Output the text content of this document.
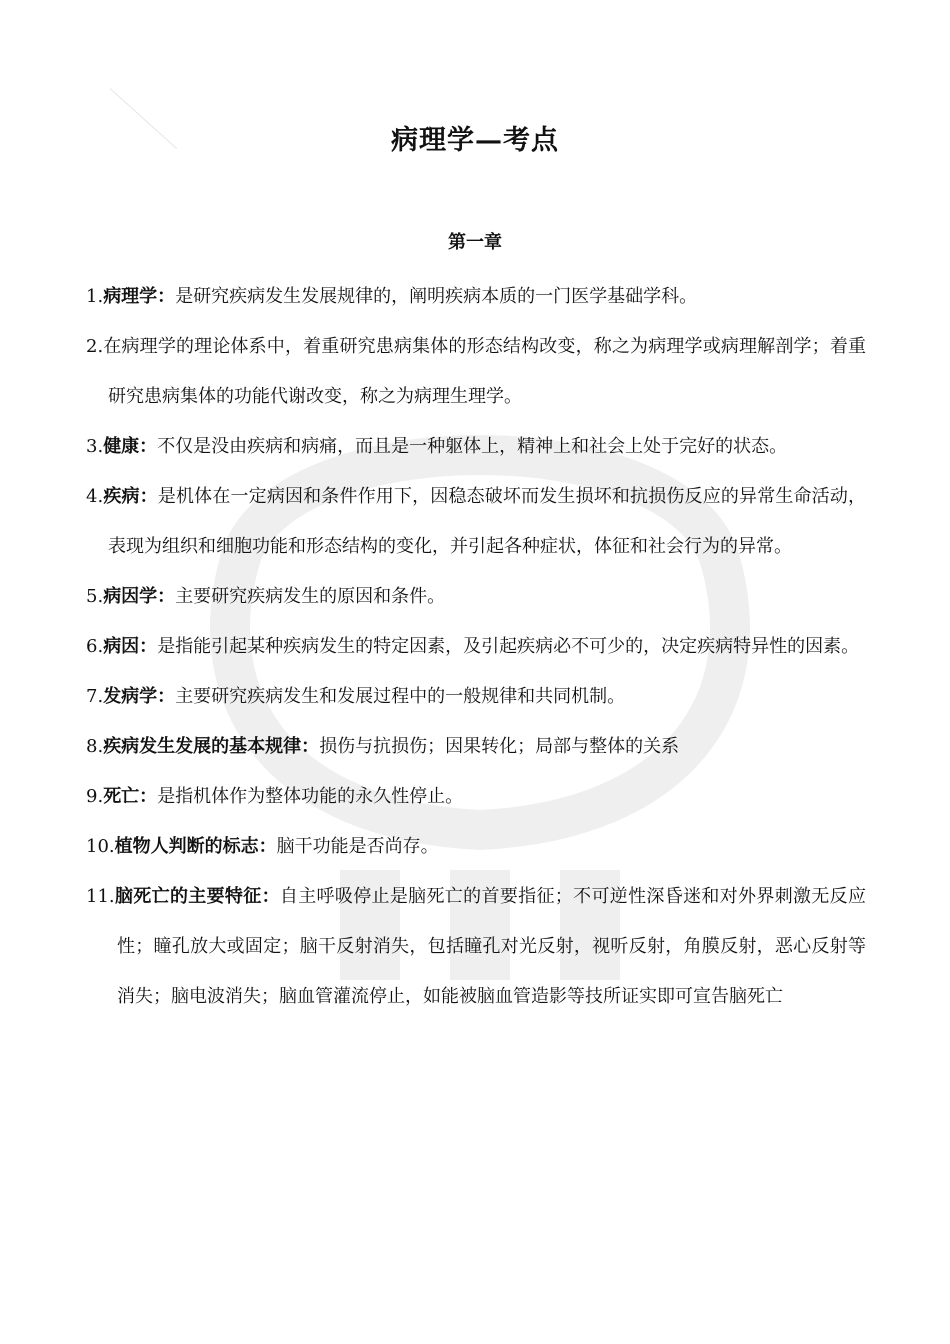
病理学—考点
第一章

1.病理学：是研究疾病发生发展规律的，阐明疾病本质的一门医学基础学科。

2.在病理学的理论体系中，着重研究患病集体的形态结构改变，称之为病理学或病理解剖学；着重研究患病集体的功能代谢改变，称之为病理生理学。

3.健康：不仅是没由疾病和病痛，而且是一种躯体上，精神上和社会上处于完好的状态。

4.疾病：是机体在一定病因和条件作用下，因稳态破坏而发生损坏和抗损伤反应的异常生命活动，表现为组织和细胞功能和形态结构的变化，并引起各种症状，体征和社会行为的异常。

5.病因学：主要研究疾病发生的原因和条件。

6.病因：是指能引起某种疾病发生的特定因素，及引起疾病必不可少的，决定疾病特异性的因素。

7.发病学：主要研究疾病发生和发展过程中的一般规律和共同机制。

8.疾病发生发展的基本规律：损伤与抗损伤；因果转化；局部与整体的关系

9.死亡：是指机体作为整体功能的永久性停止。

10.植物人判断的标志：脑干功能是否尚存。

11.脑死亡的主要特征：自主呼吸停止是脑死亡的首要指征；不可逆性深昏迷和对外界刺激无反应性；瞳孔放大或固定；脑干反射消失，包括瞳孔对光反射，视听反射，角膜反射，恶心反射等消失；脑电波消失；脑血管灌流停止，如能被脑血管造影等技所证实即可宣告脑死亡
